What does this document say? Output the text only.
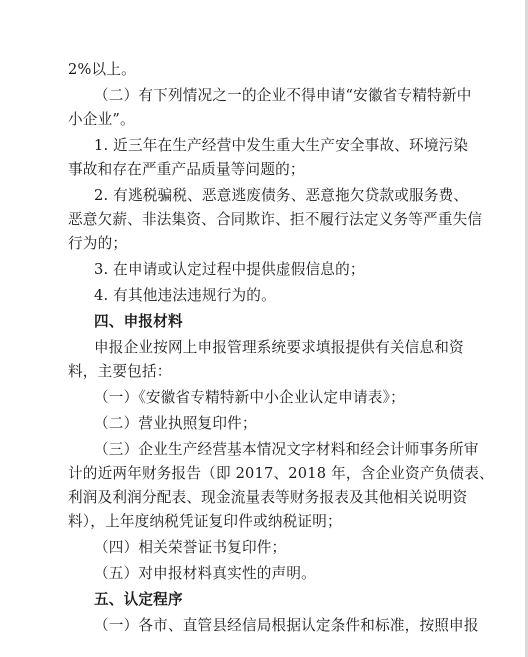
2%以上。
（二）有下列情况之一的企业不得申请“安徽省专精特新中
小企业”。
1. 近三年在生产经营中发生重大生产安全事故、环境污染
事故和存在严重产品质量等问题的；
2. 有逃税骗税、恶意逃废债务、恶意拖欠贷款或服务费、
恶意欠薪、非法集资、合同欺诈、拒不履行法定义务等严重失信
行为的；
3. 在申请或认定过程中提供虚假信息的；
4. 有其他违法违规行为的。
四、申报材料
申报企业按网上申报管理系统要求填报提供有关信息和资
料，主要包括：
（一）《安徽省专精特新中小企业认定申请表》；
（二）营业执照复印件；
（三）企业生产经营基本情况文字材料和经会计师事务所审
计的近两年财务报告（即 2017、2018 年，含企业资产负债表、
利润及利润分配表、现金流量表等财务报表及其他相关说明资
料），上年度纳税凭证复印件或纳税证明；
（四）相关荣誉证书复印件；
（五）对申报材料真实性的声明。
五、认定程序
（一）各市、直管县经信局根据认定条件和标准，按照申报
